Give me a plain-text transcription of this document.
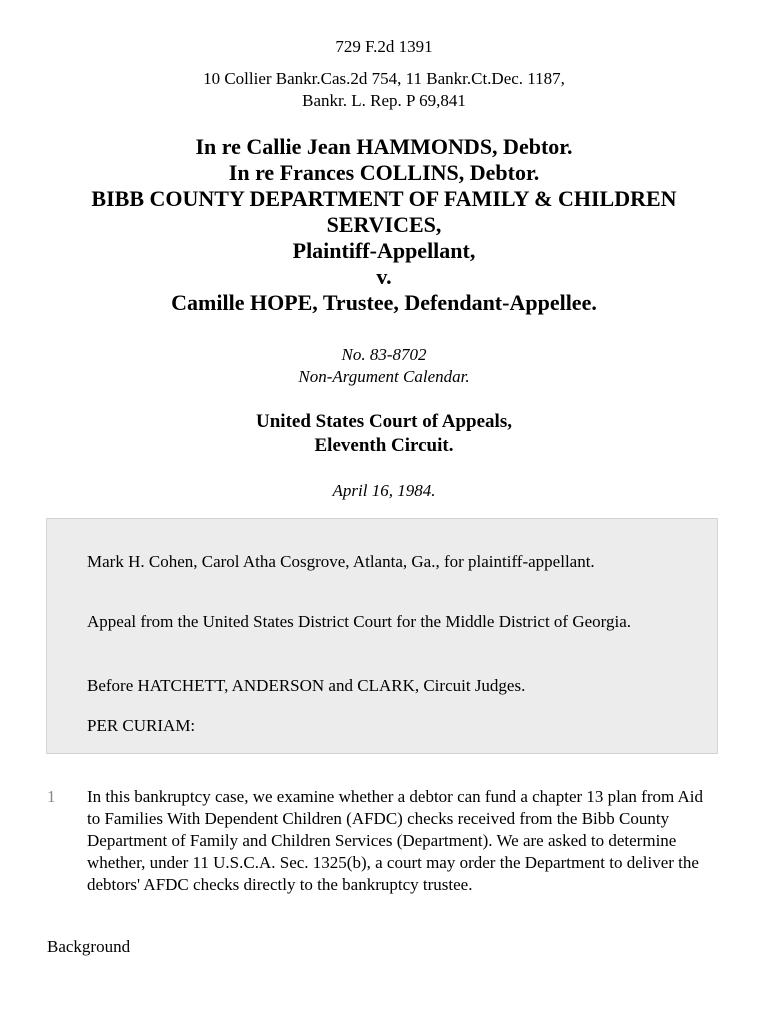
729 F.2d 1391
10 Collier Bankr.Cas.2d 754, 11 Bankr.Ct.Dec. 1187,
Bankr. L. Rep. P 69,841
In re Callie Jean HAMMONDS, Debtor.
In re Frances COLLINS, Debtor.
BIBB COUNTY DEPARTMENT OF FAMILY & CHILDREN
SERVICES,
Plaintiff-Appellant,
v.
Camille HOPE, Trustee, Defendant-Appellee.
No. 83-8702
Non-Argument Calendar.
United States Court of Appeals,
Eleventh Circuit.
April 16, 1984.

Mark H. Cohen, Carol Atha Cosgrove, Atlanta, Ga., for plaintiff-appellant.

Appeal from the United States District Court for the Middle District of Georgia.

Before HATCHETT, ANDERSON and CLARK, Circuit Judges.

PER CURIAM:

1 In this bankruptcy case, we examine whether a debtor can fund a chapter 13 plan from Aid to Families With Dependent Children (AFDC) checks received from the Bibb County Department of Family and Children Services (Department). We are asked to determine whether, under 11 U.S.C.A. Sec. 1325(b), a court may order the Department to deliver the debtors' AFDC checks directly to the bankruptcy trustee.

Background
